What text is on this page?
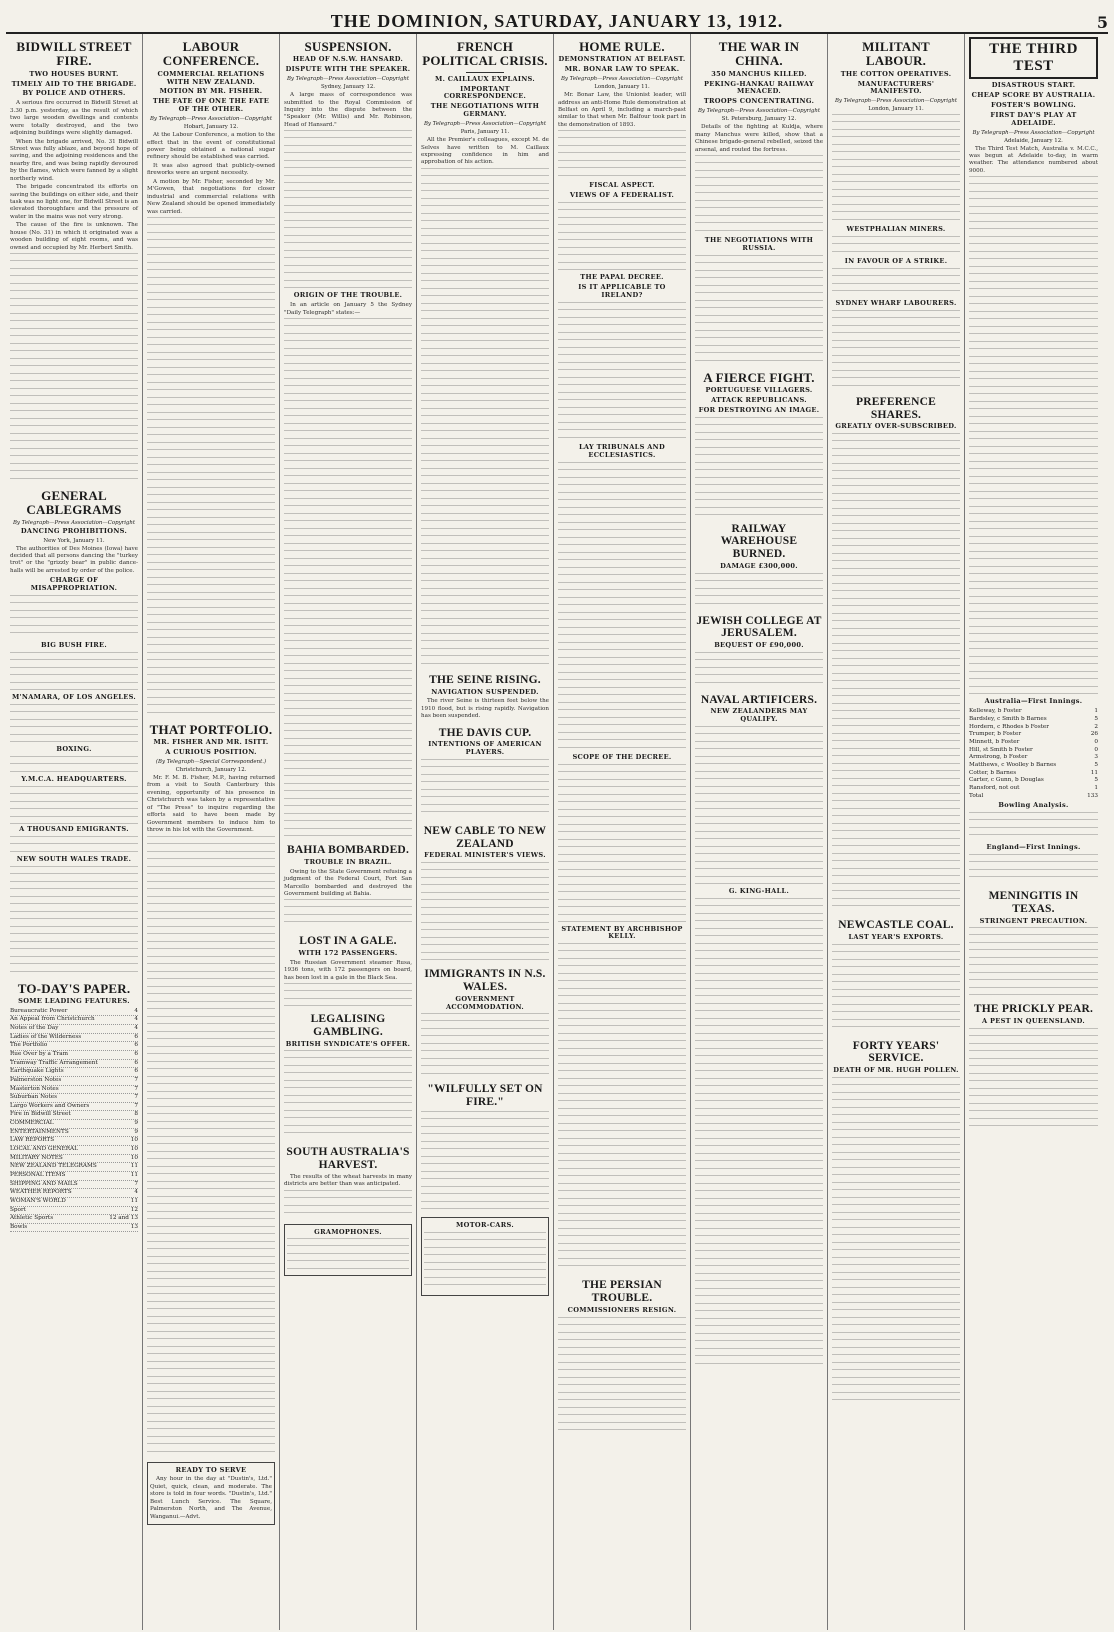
THE DOMINION, SATURDAY, JANUARY 13, 1912.	5
BIDWILL STREET FIRE.
TWO HOUSES BURNT.
TIMELY AID TO THE BRIGADE.
BY POLICE AND OTHERS.

A serious fire occurred in Bidwill Street at 3.30 p.m. yesterday, as the result of which two large wooden dwellings and contents were totally destroyed, and the two adjoining buildings were slightly damaged.

When the brigade arrived, No. 31 Bidwill Street was fully ablaze, and beyond hope of saving, and the adjoining residences and the nearby fire, and was being rapidly devoured by the flames, which were fanned by a slight northerly wind.

The brigade concentrated its efforts on saving the buildings on either side, and their task was no light one, for Bidwill Street is an elevated thoroughfare and the pressure of water in the mains was not very strong.

The cause of the fire is unknown. The house (No. 31) in which it originated was a wooden building of eight rooms, and was owned and occupied by Mr. Herbert Smith.

GENERAL CABLEGRAMS
By Telegraph—Press Association—Copyright
DANCING PROHIBITIONS.
New York, January 11.

The authorities of Des Moines (Iowa) have decided that all persons dancing the "turkey trot" or the "grizzly bear" in public dance-halls will be arrested by order of the police.

CHARGE OF MISAPPROPRIATION.
BIG BUSH FIRE.
M'NAMARA, OF LOS ANGELES.
BOXING.
Y.M.C.A. HEADQUARTERS.
A THOUSAND EMIGRANTS.
NEW SOUTH WALES TRADE.
TO-DAY'S PAPER.
SOME LEADING FEATURES.
Bureaucratic Power	4
An Appeal from Christchurch	4
Notes of the Day	4
Ladies of the Wilderness	6
The Portfolio	6
Rue Over by a Tram	6
Tramway Traffic Arrangement	6
Earthquake Lights	6
Palmerston Notes	7
Masterton Notes	7
Suburban Notes	7
Largo Workers and Owners	7
Fire in Bidwill Street	8
COMMERCIAL	9
ENTERTAINMENTS	9
LAW REPORTS	10
LOCAL AND GENERAL	10
MILITARY NOTES	10
NEW ZEALAND TELEGRAMS	11
PERSONAL ITEMS	11
SHIPPING AND MAILS	7
WEATHER REPORTS	4
WOMAN'S WORLD	11
Sport	12
Athletic Sports	12 and 13
Bowls	13
LABOUR CONFERENCE.
COMMERCIAL RELATIONS WITH NEW ZEALAND.
MOTION BY MR. FISHER.
THE FATE OF ONE THE FATE OF THE OTHER.
By Telegraph—Press Association—Copyright
Hobart, January 12.

At the Labour Conference, a motion to the effect that in the event of constitutional power being obtained a national sugar refinery should be established was carried.

It was also agreed that publicly-owned fireworks were an urgent necessity.

A motion by Mr. Fisher, seconded by Mr. M'Gowen, that negotiations for closer industrial and commercial relations with New Zealand should be opened immediately was carried.

THAT PORTFOLIO.
MR. FISHER AND MR. ISITT.
A CURIOUS POSITION.
(By Telegraph—Special Correspondent.)
Christchurch, January 12.

Mr. F. M. B. Fisher, M.P., having returned from a visit to South Canterbury this evening, opportunity of his presence in Christchurch was taken by a representative of "The Press" to inquire regarding the efforts said to have been made by Government members to induce him to throw in his lot with the Government.

READY TO SERVE

Any hour in the day at "Dustin's, Ltd." Quiet, quick, clean, and moderate. The store is told in four words. "Dustin's, Ltd." Best Lunch Service. The Square, Palmerston North, and The Avenue, Wanganui.—Advt.

SUSPENSION.
HEAD OF N.S.W. HANSARD.
DISPUTE WITH THE SPEAKER.
By Telegraph—Press Association—Copyright
Sydney, January 12.

A large mass of correspondence was submitted to the Royal Commission of Inquiry into the dispute between the "Speaker (Mr. Willis) and Mr. Robinson, Head of Hansard."

ORIGIN OF THE TROUBLE.

In an article on January 5 the Sydney "Daily Telegraph" states:—

BAHIA BOMBARDED.
TROUBLE IN BRAZIL.

Owing to the State Government refusing a judgment of the Federal Court, Fort San Marcello bombarded and destroyed the Government building at Bahia.

LOST IN A GALE.
WITH 172 PASSENGERS.

The Russian Government steamer Rusa, 1936 tons, with 172 passengers on board, has been lost in a gale in the Black Sea.

LEGALISING GAMBLING.
BRITISH SYNDICATE'S OFFER.
SOUTH AUSTRALIA'S HARVEST.

The results of the wheat harvests in many districts are better than was anticipated.

GRAMOPHONES.
FRENCH POLITICAL CRISIS.
M. CAILLAUX EXPLAINS.
IMPORTANT CORRESPONDENCE.
THE NEGOTIATIONS WITH GERMANY.
By Telegraph—Press Association—Copyright
Paris, January 11.

All the Premier's colleagues, except M. de Selves have written to M. Caillaux expressing confidence in him and approbation of his action.

THE SEINE RISING.
NAVIGATION SUSPENDED.

The river Seine is thirteen feet below the 1910 flood, but is rising rapidly. Navigation has been suspended.

THE DAVIS CUP.
INTENTIONS OF AMERICAN PLAYERS.
NEW CABLE TO NEW ZEALAND
FEDERAL MINISTER'S VIEWS.
IMMIGRANTS IN N.S. WALES.
GOVERNMENT ACCOMMODATION.
"WILFULLY SET ON FIRE."
MOTOR-CARS.
HOME RULE.
DEMONSTRATION AT BELFAST.
MR. BONAR LAW TO SPEAK.
By Telegraph—Press Association—Copyright
London, January 11.

Mr. Bonar Law, the Unionist leader, will address an anti-Home Rule demonstration at Belfast on April 9, including a march-past similar to that when Mr. Balfour took part in the demonstration of 1893.

FISCAL ASPECT.
VIEWS OF A FEDERALIST.
THE PAPAL DECREE.
IS IT APPLICABLE TO IRELAND?
LAY TRIBUNALS AND ECCLESIASTICS.
SCOPE OF THE DECREE.
STATEMENT BY ARCHBISHOP KELLY.
THE PERSIAN TROUBLE.
COMMISSIONERS RESIGN.
THE WAR IN CHINA.
350 MANCHUS KILLED.
PEKING-HANKAU RAILWAY MENACED.
TROOPS CONCENTRATING.
By Telegraph—Press Association—Copyright
St. Petersburg, January 12.

Details of the fighting at Kuldja, where many Manchus were killed, show that a Chinese brigade-general rebelled, seized the arsenal, and routed the fortress.

THE NEGOTIATIONS WITH RUSSIA.
A FIERCE FIGHT.
PORTUGUESE VILLAGERS.
ATTACK REPUBLICANS.
FOR DESTROYING AN IMAGE.
RAILWAY WAREHOUSE BURNED.
DAMAGE £300,000.
JEWISH COLLEGE AT JERUSALEM.
BEQUEST OF £90,000.
NAVAL ARTIFICERS.
NEW ZEALANDERS MAY QUALIFY.
G. KING-HALL.
MILITANT LABOUR.
THE COTTON OPERATIVES.
MANUFACTURERS' MANIFESTO.
By Telegraph—Press Association—Copyright
London, January 11.
WESTPHALIAN MINERS.
IN FAVOUR OF A STRIKE.
SYDNEY WHARF LABOURERS.
PREFERENCE SHARES.
GREATLY OVER-SUBSCRIBED.
NEWCASTLE COAL.
LAST YEAR'S EXPORTS.
FORTY YEARS' SERVICE.
DEATH OF MR. HUGH POLLEN.
THE THIRD TEST
DISASTROUS START.
CHEAP SCORE BY AUSTRALIA.
FOSTER'S BOWLING.
FIRST DAY'S PLAY AT ADELAIDE.
By Telegraph—Press Association—Copyright
Adelaide, January 12.

The Third Test Match, Australia v. M.C.C., was begun at Adelaide to-day, in warm weather. The attendance numbered about 9000.

Australia—First Innings.
Kelleway, b Foster	1
Bardsley, c Smith b Barnes	5
Hordern, c Rhodes b Foster	2
Trumper, b Foster	26
Minnett, b Foster	0
Hill, st Smith b Foster	0
Armstrong, b Foster	3
Matthews, c Woolley b Barnes	5
Cotter, b Barnes	11
Carter, c Gunn, b Douglas	5
Ransford, not out	1
Total	133
Bowling Analysis.
England—First Innings.
MENINGITIS IN TEXAS.
STRINGENT PRECAUTION.
THE PRICKLY PEAR.
A PEST IN QUEENSLAND.
